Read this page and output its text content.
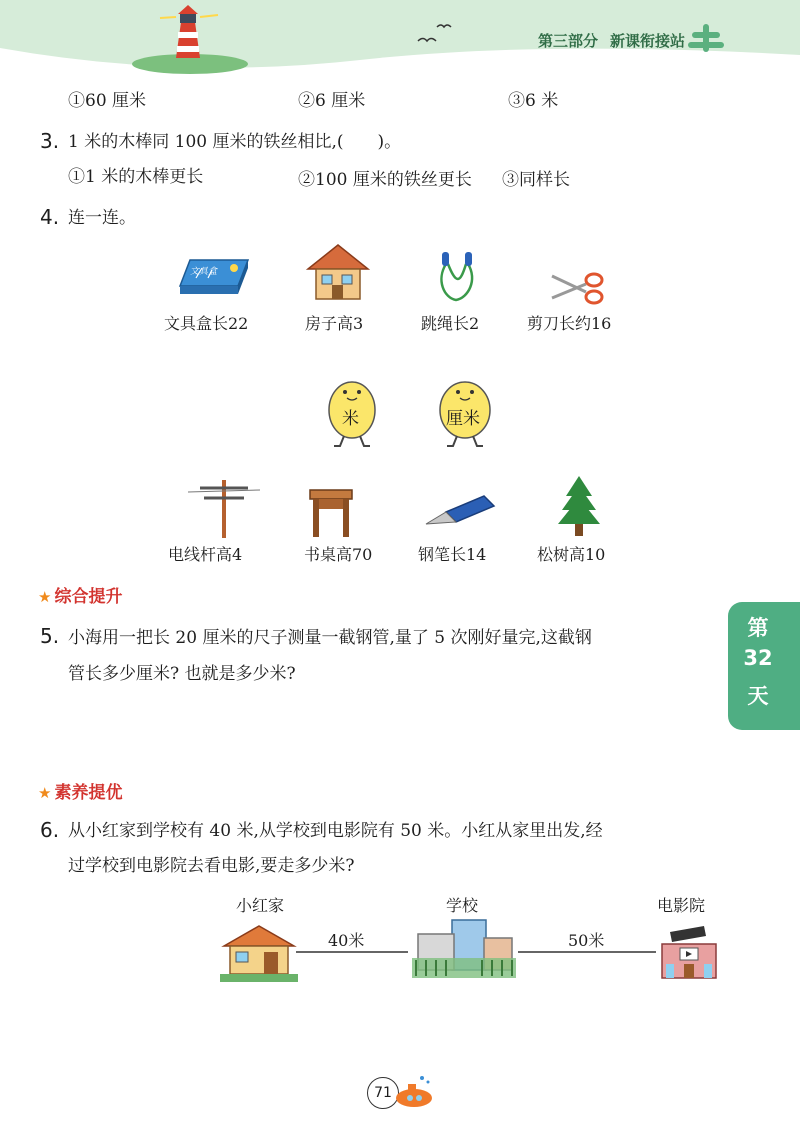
第三部分 新课衔接站
①60 厘米	②6 厘米	③6 米
3. 1 米的木棒同 100 厘米的铁丝相比,(　　)。
①1 米的木棒更长	②100 厘米的铁丝更长 ③同样长
4. 连一连。
文具盒
文具盒长22	房子高3	跳绳长2	剪刀长约16
米	厘米
电线杆高4	书桌高70	钢笔长14	松树高10
★ 综合提升
5. 小海用一把长 20 厘米的尺子测量一截钢管,量了 5 次刚好量完,这截钢
管长多少厘米? 也就是多少米?
第
32
天
★ 素养提优
6. 从小红家到学校有 40 米,从学校到电影院有 50 米。小红从家里出发,经
过学校到电影院去看电影,要走多少米?
小红家	学校	电影院
40米	50米
71
